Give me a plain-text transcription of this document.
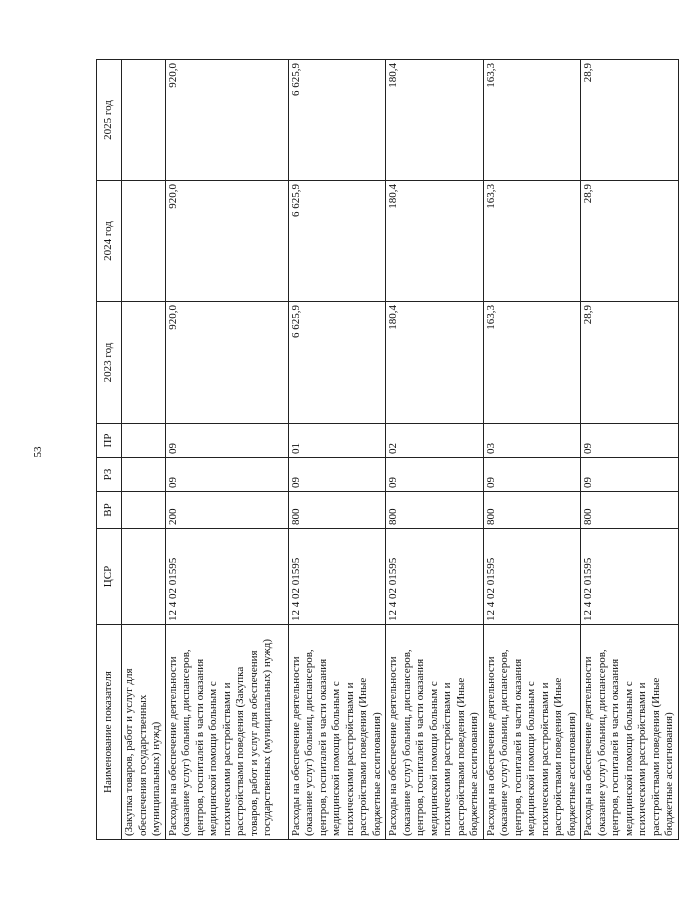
53
Наименование показателя	ЦСР	ВР	РЗ	ПР	2023 год	2024 год	2025 год
(Закупка товаров, работ и услуг для обеспечения государственных (муниципальных) нужд)							
Расходы на обеспечение деятельности (оказание услуг) больниц, диспансеров, центров, госпиталей в части оказания медицинской помощи больным с психическими расстройствами и расстройствами поведения (Закупка товаров, работ и услуг для обеспечения государственных (муниципальных) нужд)	12 4 02 01595	200	09	09	920,0	920,0	920,0
Расходы на обеспечение деятельности (оказание услуг) больниц, диспансеров, центров, госпиталей в части оказания медицинской помощи больным с психическими расстройствами и расстройствами поведения (Иные бюджетные ассигнования)	12 4 02 01595	800	09	01	6 625,9	6 625,9	6 625,9
Расходы на обеспечение деятельности (оказание услуг) больниц, диспансеров, центров, госпиталей в части оказания медицинской помощи больным с психическими расстройствами и расстройствами поведения (Иные бюджетные ассигнования)	12 4 02 01595	800	09	02	180,4	180,4	180,4
Расходы на обеспечение деятельности (оказание услуг) больниц, диспансеров, центров, госпиталей в части оказания медицинской помощи больным с психическими расстройствами и расстройствами поведения (Иные бюджетные ассигнования)	12 4 02 01595	800	09	03	163,3	163,3	163,3
Расходы на обеспечение деятельности (оказание услуг) больниц, диспансеров, центров, госпиталей в части оказания медицинской помощи больным с психическими расстройствами и расстройствами поведения (Иные бюджетные ассигнования)	12 4 02 01595	800	09	09	28,9	28,9	28,9
